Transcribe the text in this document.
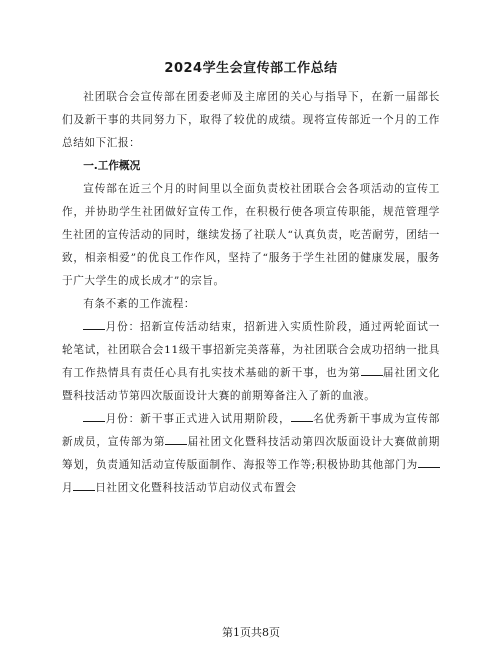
2024学生会宣传部工作总结

社团联合会宣传部在团委老师及主席团的关心与指导下，在新一届部长们及新干事的共同努力下，取得了较优的成绩。现将宣传部近一个月的工作总结如下汇报：

一.工作概况

宣传部在近三个月的时间里以全面负责校社团联合会各项活动的宣传工作，并协助学生社团做好宣传工作，在积极行使各项宣传职能，规范管理学生社团的宣传活动的同时，继续发扬了社联人“认真负责，吃苦耐劳，团结一致，相亲相爱”的优良工作作风，坚持了“服务于学生社团的健康发展，服务于广大学生的成长成才”的宗旨。

有条不紊的工作流程：

月份：招新宣传活动结束，招新进入实质性阶段，通过两轮面试一轮笔试，社团联合会11级干事招新完美落幕，为社团联合会成功招纳一批具有工作热情具有责任心具有扎实技术基础的新干事，也为第 届社团文化暨科技活动节第四次版面设计大赛的前期筹备注入了新的血液。

月份：新干事正式进入试用期阶段， 名优秀新干事成为宣传部新成员，宣传部为第 届社团文化暨科技活动第四次版面设计大赛做前期筹划，负责通知活动宣传版面制作、海报等工作等;积极协助其他部门为月 日社团文化暨科技活动节启动仪式布置会

第1页共8页
